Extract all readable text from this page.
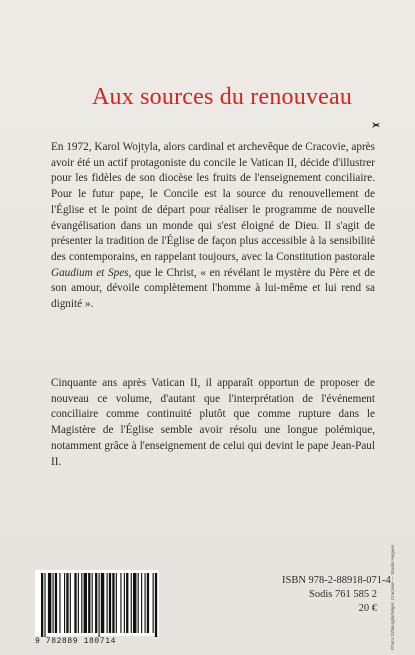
Aux sources du renouveau

En 1972, Karol Wojtyla, alors cardinal et archevêque de Cracovie, après avoir été un actif protagoniste du concile le Vatican II, décide d'illustrer pour les fidèles de son diocèse les fruits de l'enseignement conciliaire. Pour le futur pape, le Concile est la source du renouvellement de l'Église et le point de départ pour réaliser le programme de nouvelle évangélisation dans un monde qui s'est éloigné de Dieu. Il s'agit de présenter la tradition de l'Église de façon plus accessible à la sensibilité des contemporains, en rappelant toujours, avec la Constitution pastorale Gaudium et Spes, que le Christ, « en révélant le mystère du Père et de son amour, dévoile complètement l'homme à lui-même et lui rend sa dignité ».

Cinquante ans après Vatican II, il apparaît opportun de proposer de nouveau ce volume, d'autant que l'interprétation de l'événement conciliaire comme continuité plutôt que comme rupture dans le Magistère de l'Église semble avoir résolu une longue polémique, notamment grâce à l'enseignement de celui qui devint le pape Jean-Paul II.

9 782889 180714
ISBN 978-2-88918-071-4
Sodis 761 585 2
20 €	Photo ©Zbiorgilo/Wiget, Cracovie — Studio Hugues
